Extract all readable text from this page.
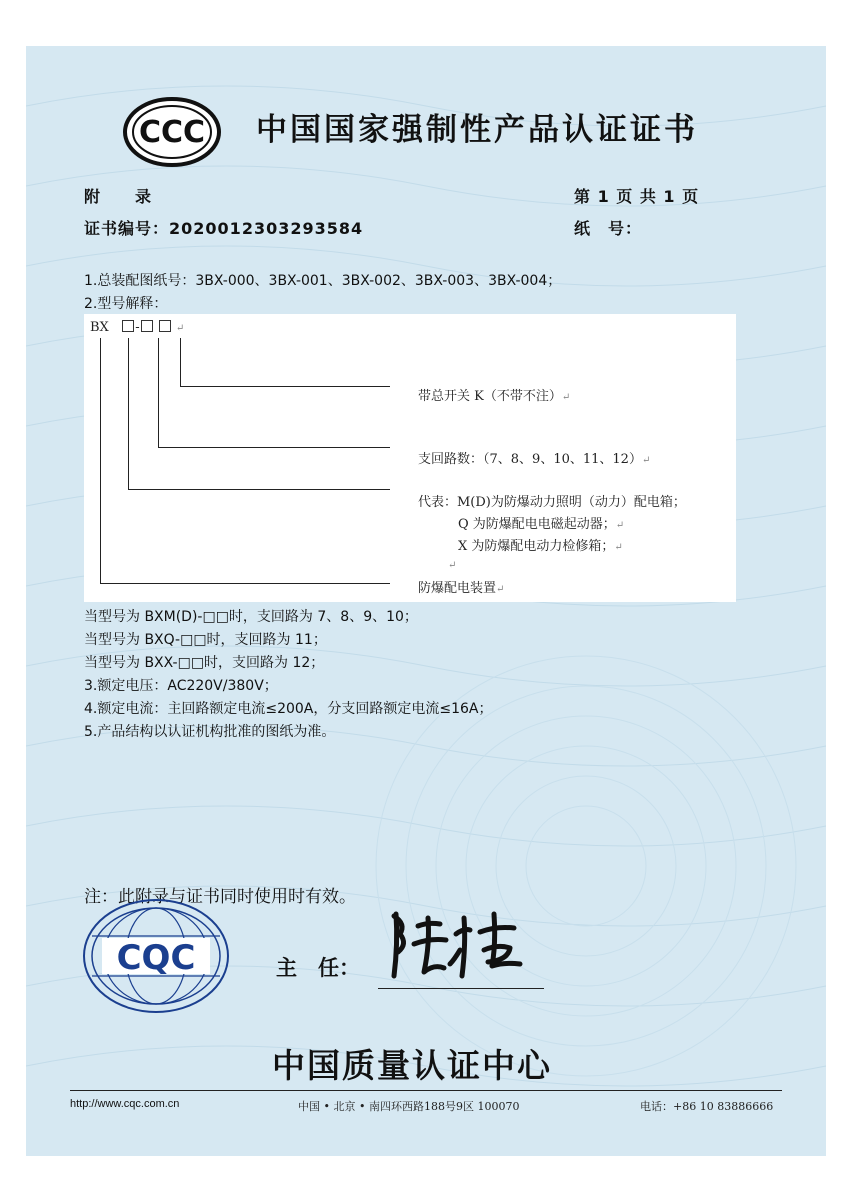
CCC 中国国家强制性产品认证证书
附　　录	第 1 页 共 1 页
证书编号：2020012303293584	纸　号：
1.总装配图纸号：3BX-000、3BX-001、3BX-002、3BX-003、3BX-004；
2.型号解释：
BX -	↵
带总开关 K（不带不注）↵
支回路数：（7、8、9、10、11、12）↵
代表：M(D)为防爆动力照明（动力）配电箱；
Q 为防爆配电电磁起动器；↵
X 为防爆配电动力检修箱；↵
↵
防爆配电装置↵
当型号为 BXM(D)-□□时，支回路为 7、8、9、10；
当型号为 BXQ-□□时，支回路为 11；
当型号为 BXX-□□时，支回路为 12；
3.额定电压：AC220V/380V；
4.额定电流：主回路额定电流≤200A，分支回路额定电流≤16A；
5.产品结构以认证机构批准的图纸为准。
注：此附录与证书同时使用时有效。
CQC	主　任：
中国质量认证中心
http://www.cqc.com.cn	中国 • 北京 • 南四环西路188号9区 100070	电话：+86 10 83886666
